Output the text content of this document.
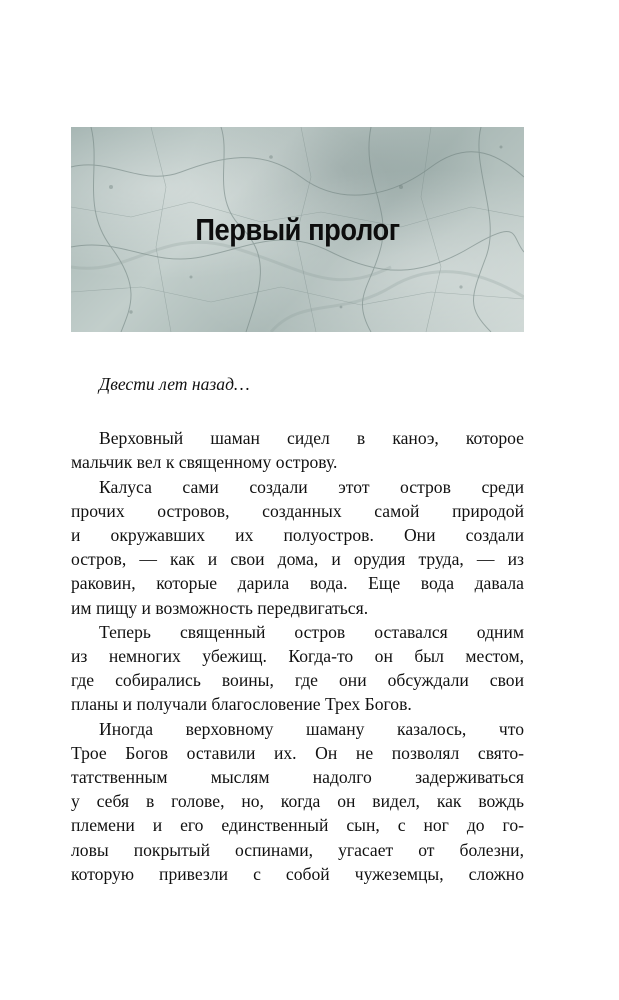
Первый пролог
Двести лет назад…
Верховный шаман сидел в каноэ, которое
мальчик вел к священному острову.
Калуса сами создали этот остров среди
прочих островов, созданных самой природой
и окружавших их полуостров. Они создали
остров, — как и свои дома, и орудия труда, — из
раковин, которые дарила вода. Еще вода давала
им пищу и возможность передвигаться.
Теперь священный остров оставался одним
из немногих убежищ. Когда-то он был местом,
где собирались воины, где они обсуждали свои
планы и получали благословение Трех Богов.
Иногда верховному шаману казалось, что
Трое Богов оставили их. Он не позволял свято-
татственным мыслям надолго задерживаться
у себя в голове, но, когда он видел, как вождь
племени и его единственный сын, с ног до го-
ловы покрытый оспинами, угасает от болезни,
которую привезли с собой чужеземцы, сложно
